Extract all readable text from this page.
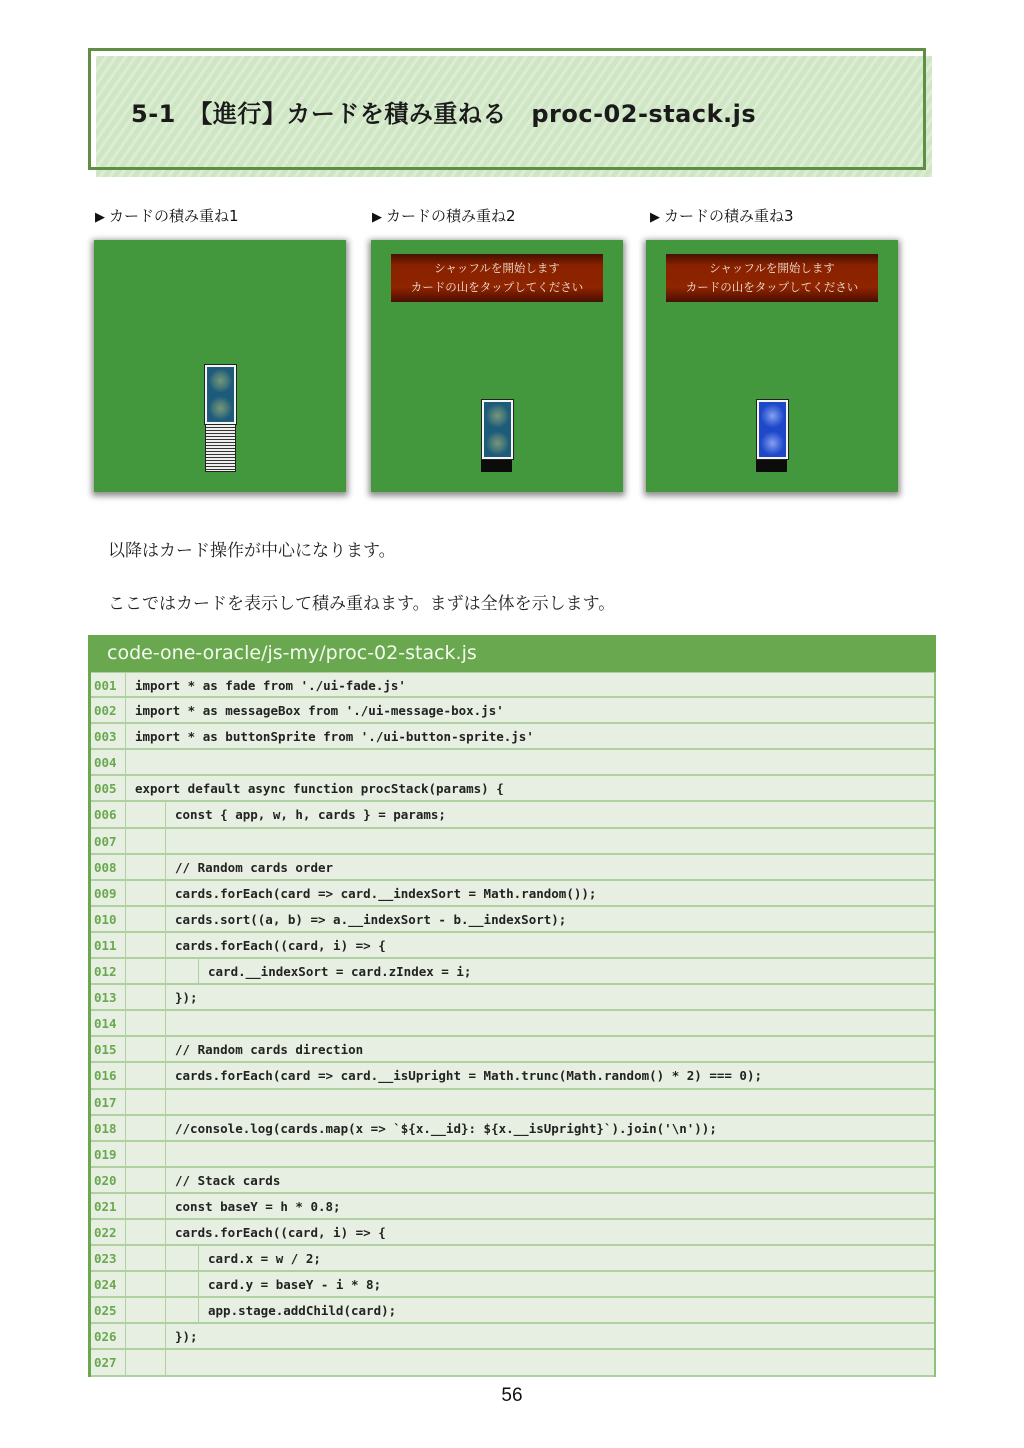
5-1　【進行】カードを積み重ねる　proc-02-stack.js
▶ カードの積み重ね1	▶ カードの積み重ね2	▶ カードの積み重ね3
シャッフルを開始します
カードの山をタップしてください
シャッフルを開始します
カードの山をタップしてください
以降はカード操作が中心になります。
ここではカードを表示して積み重ねます。まずは全体を示します。
code-one-oracle/js-my/proc-02-stack.js
001	import * as fade from './ui-fade.js'
002	import * as messageBox from './ui-message-box.js'
003	import * as buttonSprite from './ui-button-sprite.js'
004
005	export default async function procStack(params) {
006	const { app, w, h, cards } = params;
007
008	// Random cards order
009	cards.forEach(card => card.__indexSort = Math.random());
010	cards.sort((a, b) => a.__indexSort - b.__indexSort);
011	cards.forEach((card, i) => {
012	card.__indexSort = card.zIndex = i;
013	});
014
015	// Random cards direction
016	cards.forEach(card => card.__isUpright = Math.trunc(Math.random() * 2) === 0);
017
018	//console.log(cards.map(x => `${x.__id}: ${x.__isUpright}`).join('\n'));
019
020	// Stack cards
021	const baseY = h * 0.8;
022	cards.forEach((card, i) => {
023	card.x = w / 2;
024	card.y = baseY - i * 8;
025	app.stage.addChild(card);
026	});
027
56
